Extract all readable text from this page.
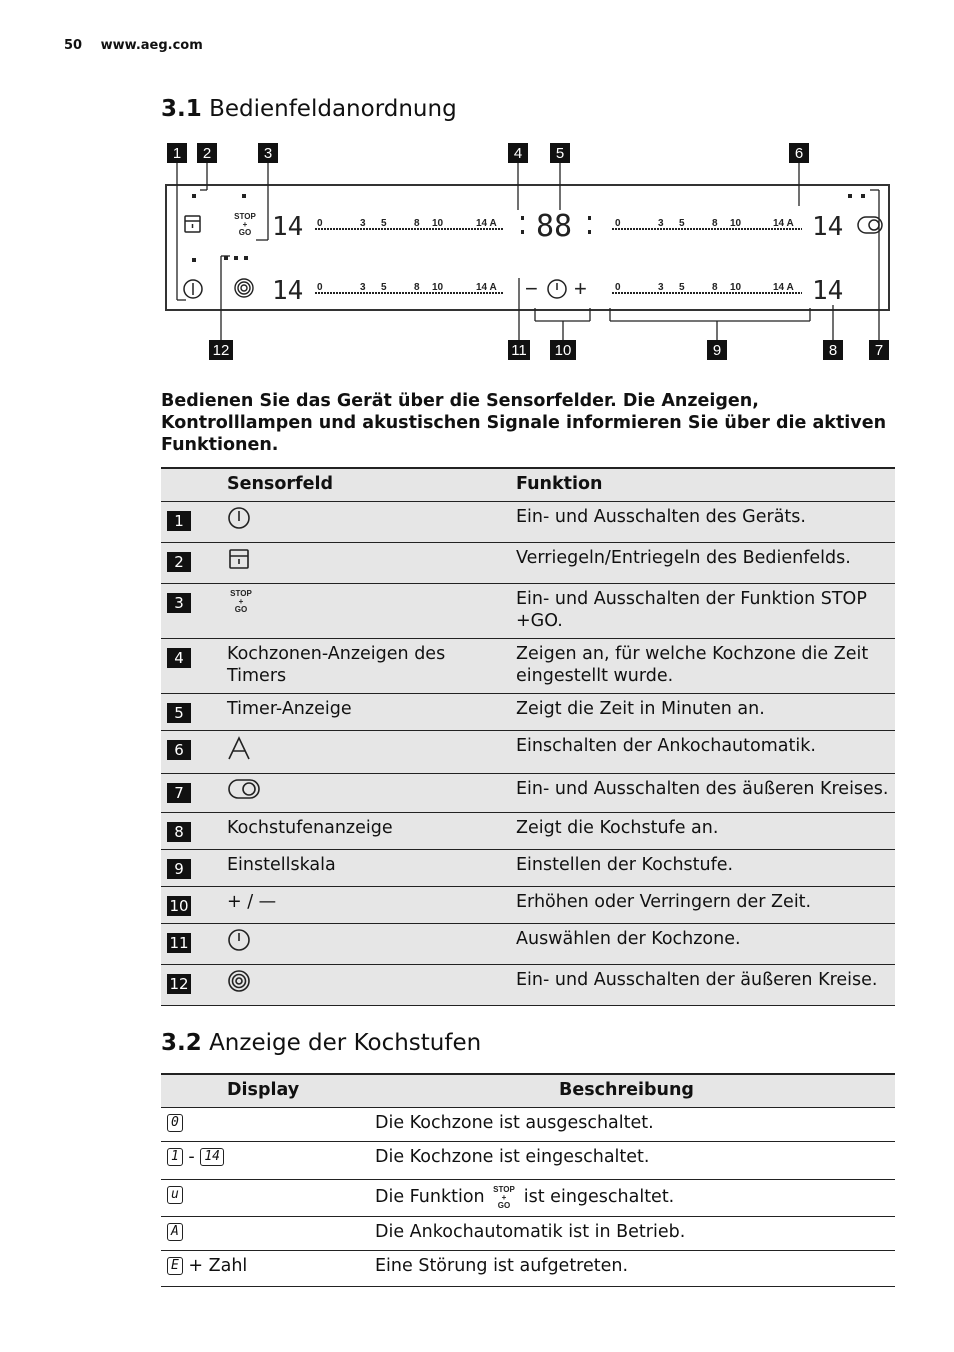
50 www.aeg.com
3.1 Bedienfeldanordnung
1 2	3	4 5	6
7
8
9
10
11
12
STOP
+
GO 14
14
14
14
88
0	3 5	8 10	14 A
0	3 5	8 10	14 A
0	3 5	8 10	14 A
0	3 5	8 10	14 A
− +

Bedienen Sie das Gerät über die Sensorfelder. Die Anzeigen, Kontrolllampen und akustischen Signale informieren Sie über die aktiven Funktionen.

	Sensorfeld	Funktion
1		Ein- und Ausschalten des Geräts.
2		Verriegeln/Entriegeln des Bedienfelds.
3	STOP
+
GO	Ein- und Ausschalten der Funktion STOP +GO.
4	Kochzonen-Anzeigen des Timers	Zeigen an, für welche Kochzone die Zeit eingestellt wurde.
5	Timer-Anzeige	Zeigt die Zeit in Minuten an.
6		Einschalten der Ankochautomatik.
7		Ein- und Ausschalten des äußeren Kreises.
8	Kochstufenanzeige	Zeigt die Kochstufe an.
9	Einstellskala	Einstellen der Kochstufe.
10	+ / —	Erhöhen oder Verringern der Zeit.
11		Auswählen der Kochzone.
12		Ein- und Ausschalten der äußeren Kreise.
3.2 Anzeige der Kochstufen
Display	Beschreibung
0	Die Kochzone ist ausgeschaltet.
1 - 14	Die Kochzone ist eingeschaltet.
u	Die Funktion STOP
+
GO ist eingeschaltet.
A	Die Ankochautomatik ist in Betrieb.
E + Zahl	Eine Störung ist aufgetreten.
